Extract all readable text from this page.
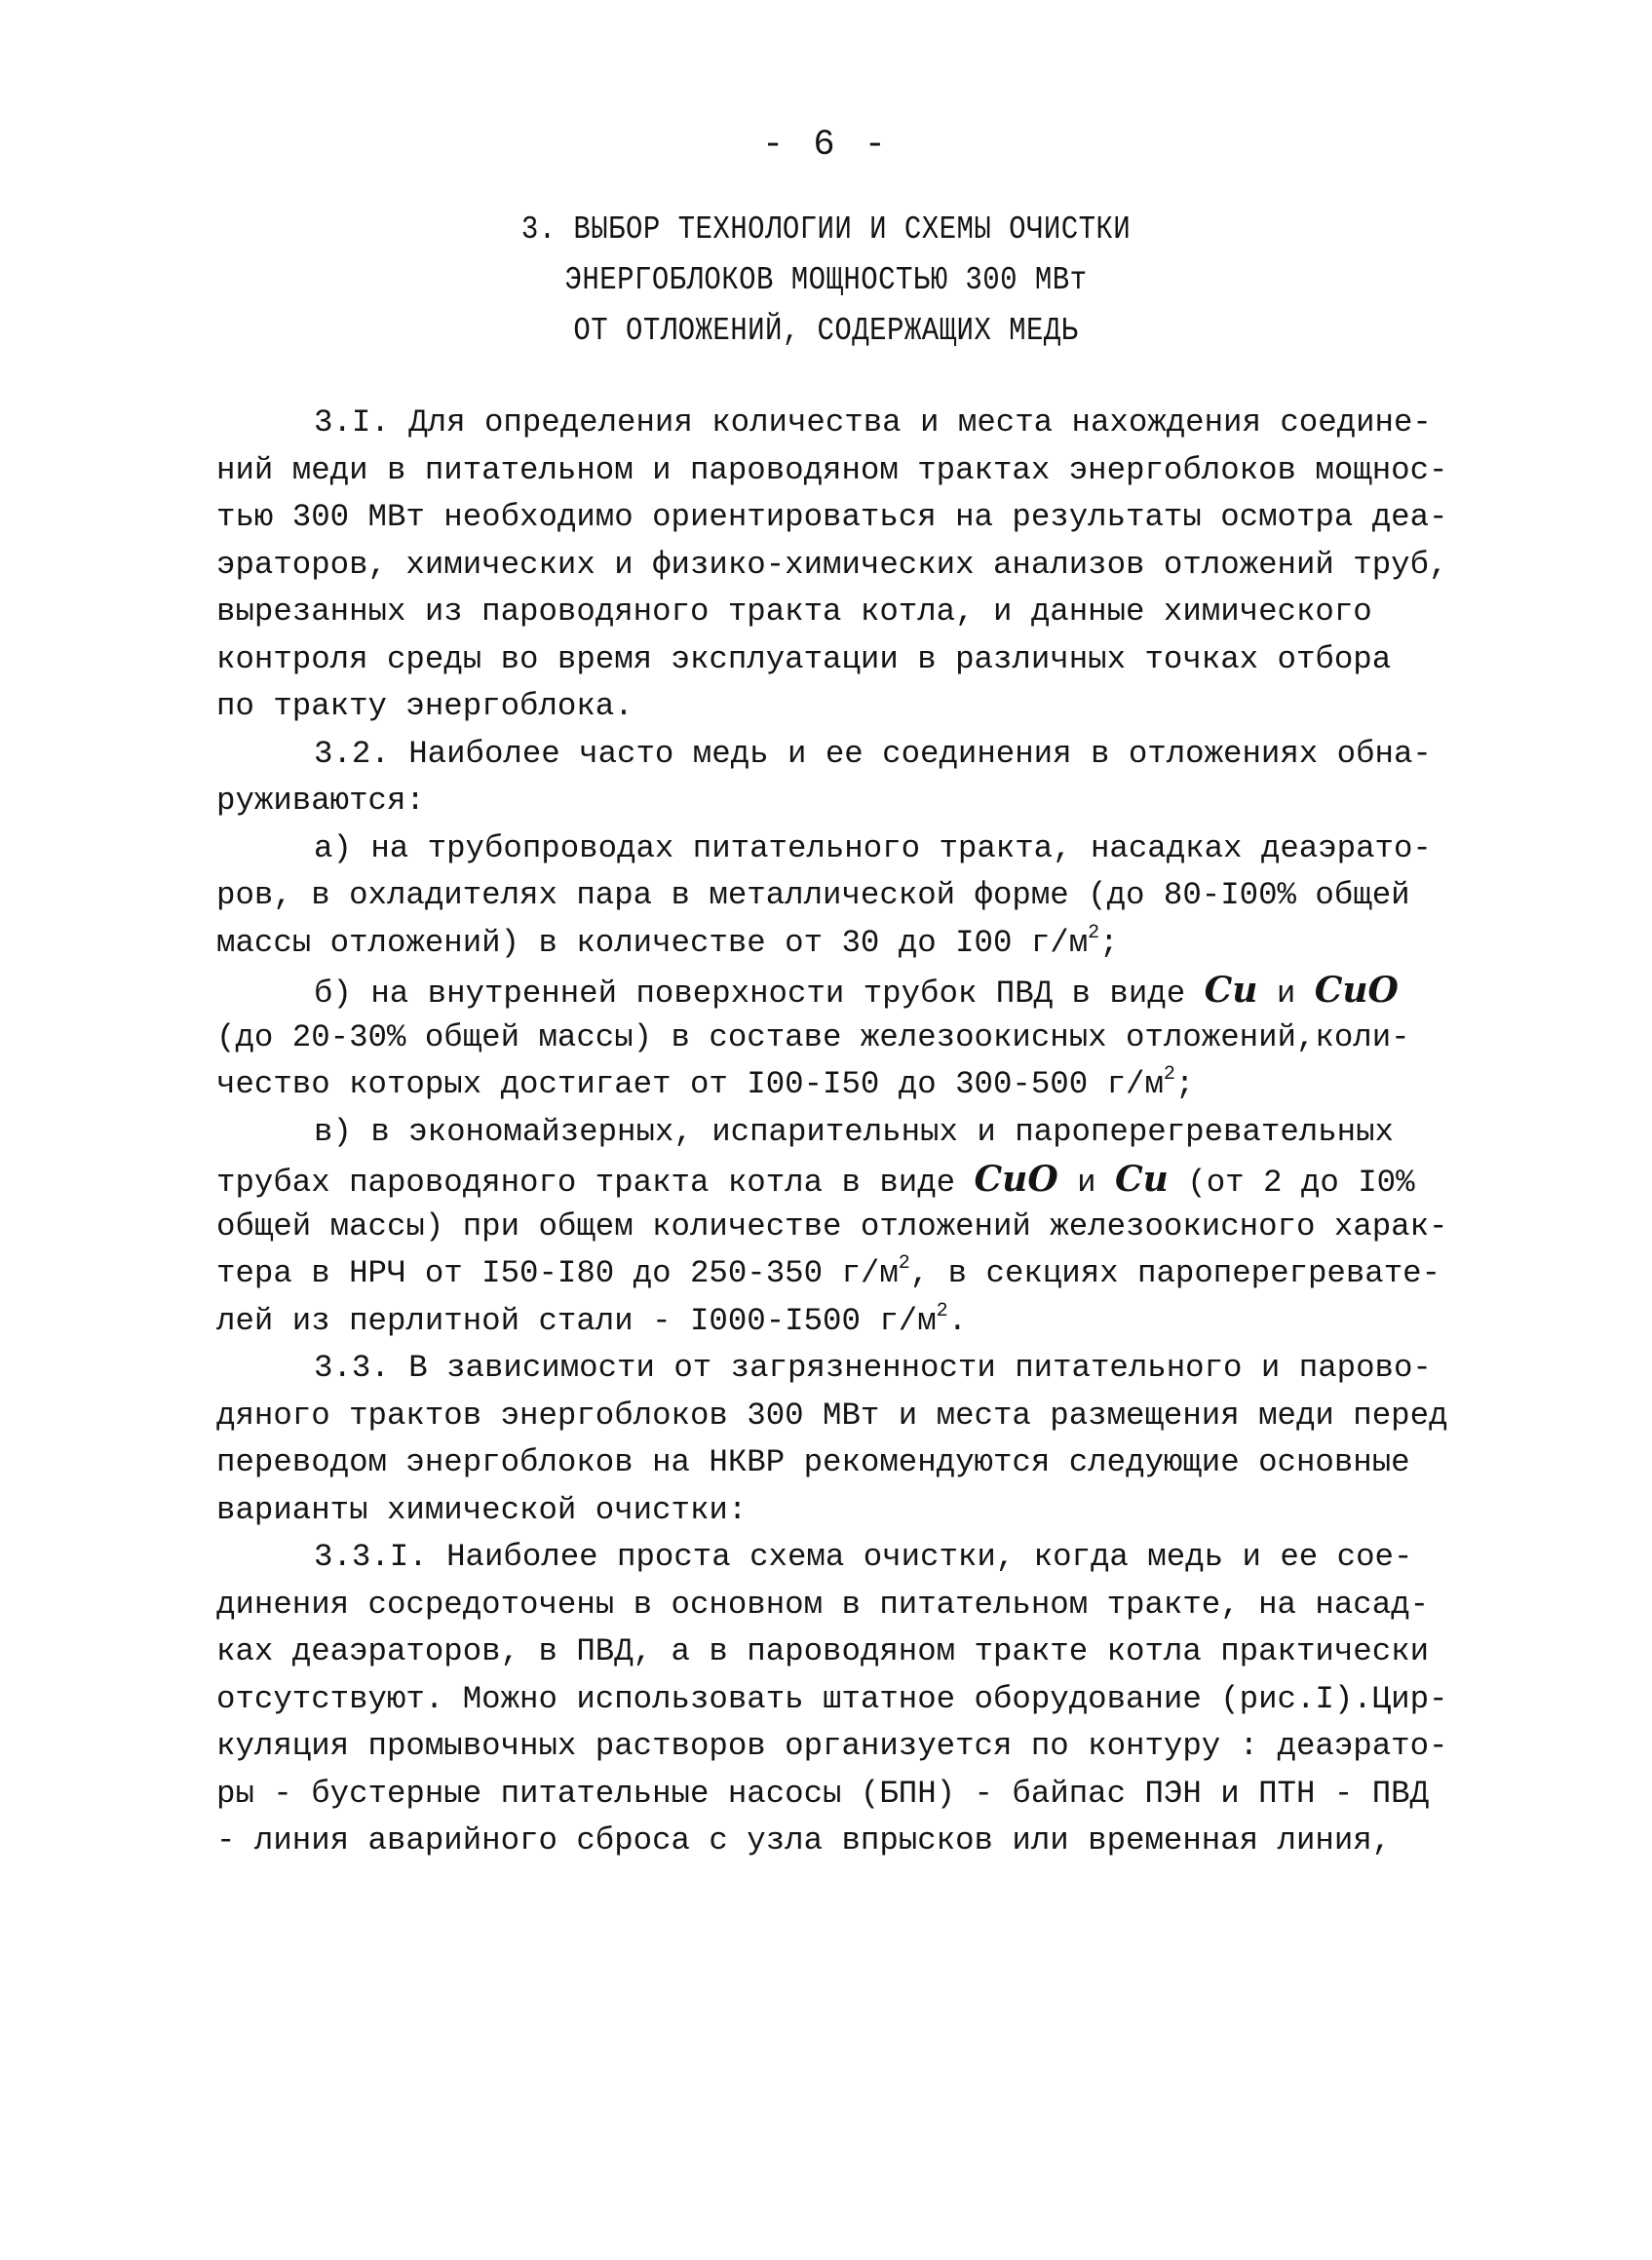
- 6 -
3. ВЫБОР ТЕХНОЛОГИИ И СХЕМЫ ОЧИСТКИ
ЭНЕРГОБЛОКОВ МОЩНОСТЬЮ 300 МВт
ОТ ОТЛОЖЕНИЙ, СОДЕРЖАЩИХ МЕДЬ
3.I. Для определения количества и места нахождения соедине-
ний меди в питательном и пароводяном трактах энергоблоков мощнос-
тью 300 МВт необходимо ориентироваться на результаты осмотра деа-
эраторов, химических и физико-химических анализов отложений труб,
вырезанных из пароводяного тракта котла, и данные химического
контроля среды во время эксплуатации в различных точках отбора
по тракту энергоблока.
3.2. Наиболее часто медь и ее соединения в отложениях обна-
руживаются:
а) на трубопроводах питательного тракта, насадках деаэрато-
ров, в охладителях пара в металлической форме (до 80-I00% общей
массы отложений) в количестве от 30 до I00 $г/м^2$;
б) на внутренней поверхности трубок ПВД в виде Cu и CuO
(до 20-30% общей массы) в составе железоокисных отложений,коли-
чество которых достигает от I00-I50 до 300-500 $г/м^2$;
в) в экономайзерных, испарительных и пароперегревательных
трубах пароводяного тракта котла в виде CuO и Cu (от 2 до I0%
общей массы) при общем количестве отложений железоокисного харак-
тера в НРЧ от I50-I80 до 250-350 $г/м^2$, в секциях пароперегревате-
лей из перлитной стали - I000-I500 $г/м^2$.
3.3. В зависимости от загрязненности питательного и парово-
дяного трактов энергоблоков 300 МВт и места размещения меди перед
переводом энергоблоков на НКВР рекомендуются следующие основные
варианты химической очистки:
3.3.I. Наиболее проста схема очистки, когда медь и ее сое-
динения сосредоточены в основном в питательном тракте, на насад-
ках деаэраторов, в ПВД, а в пароводяном тракте котла практически
отсутствуют. Можно использовать штатное оборудование (рис.I).Цир-
куляция промывочных растворов организуется по контуру : деаэрато-
ры - бустерные питательные насосы (БПН) - байпас ПЭН и ПТН - ПВД
- линия аварийного сброса с узла впрысков или временная линия,
